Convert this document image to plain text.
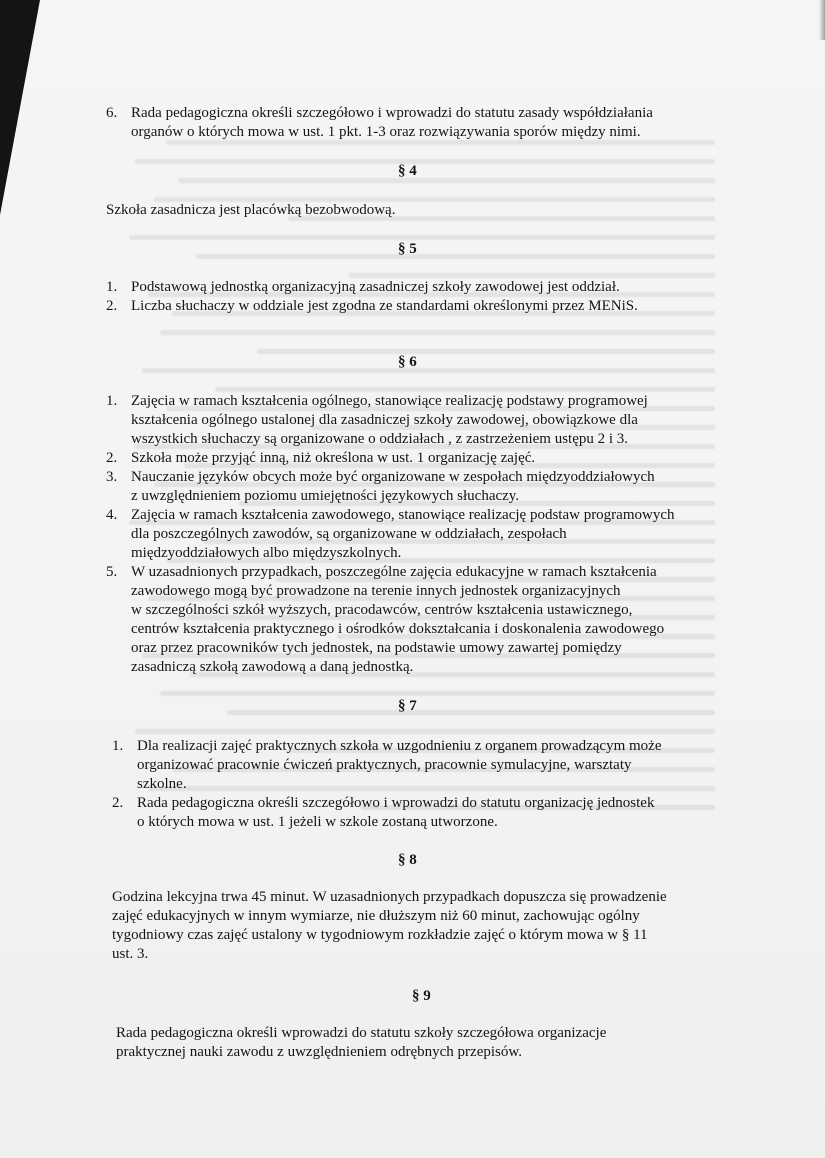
6. Rada pedagogiczna określi szczegółowo i wprowadzi do statutu zasady współdziałania
organów o których mowa w ust. 1 pkt. 1-3 oraz rozwiązywania sporów między nimi.
§ 4
Szkoła zasadnicza jest placówką bezobwodową.
§ 5
1. Podstawową jednostką organizacyjną zasadniczej szkoły zawodowej jest oddział.
2. Liczba słuchaczy w oddziale jest zgodna ze standardami określonymi przez MENiS.
§ 6
1. Zajęcia w ramach kształcenia ogólnego, stanowiące realizację podstawy programowej
kształcenia ogólnego ustalonej dla zasadniczej szkoły zawodowej, obowiązkowe dla
wszystkich słuchaczy są organizowane o oddziałach , z zastrzeżeniem ustępu 2 i 3.
2. Szkoła może przyjąć inną, niż określona w ust. 1 organizację zajęć.
3. Nauczanie języków obcych może być organizowane w zespołach międzyoddziałowych
z uwzględnieniem poziomu umiejętności językowych słuchaczy.
4. Zajęcia w ramach kształcenia zawodowego, stanowiące realizację podstaw programowych
dla poszczególnych zawodów, są organizowane w oddziałach, zespołach
międzyoddziałowych albo międzyszkolnych.
5. W uzasadnionych przypadkach, poszczególne zajęcia edukacyjne w ramach kształcenia
zawodowego mogą być prowadzone na terenie innych jednostek organizacyjnych
w szczególności szkół wyższych, pracodawców, centrów kształcenia ustawicznego,
centrów kształcenia praktycznego i ośrodków dokształcania i doskonalenia zawodowego
oraz przez pracowników tych jednostek, na podstawie umowy zawartej pomiędzy
zasadniczą szkołą zawodową a daną jednostką.
§ 7
1. Dla realizacji zajęć praktycznych szkoła w uzgodnieniu z organem prowadzącym może
organizować pracownie ćwiczeń praktycznych, pracownie symulacyjne, warsztaty
szkolne.
2. Rada pedagogiczna określi szczegółowo i wprowadzi do statutu organizację jednostek
o których mowa w ust. 1 jeżeli w szkole zostaną utworzone.
§ 8
Godzina lekcyjna trwa 45 minut. W uzasadnionych przypadkach dopuszcza się prowadzenie
zajęć edukacyjnych w innym wymiarze, nie dłuższym niż 60 minut, zachowując ogólny
tygodniowy czas zajęć ustalony w tygodniowym rozkładzie zajęć o którym mowa w § 11
ust. 3.
§ 9
Rada pedagogiczna określi wprowadzi do statutu szkoły szczegółowa organizacje
praktycznej nauki zawodu z uwzględnieniem odrębnych przepisów.
